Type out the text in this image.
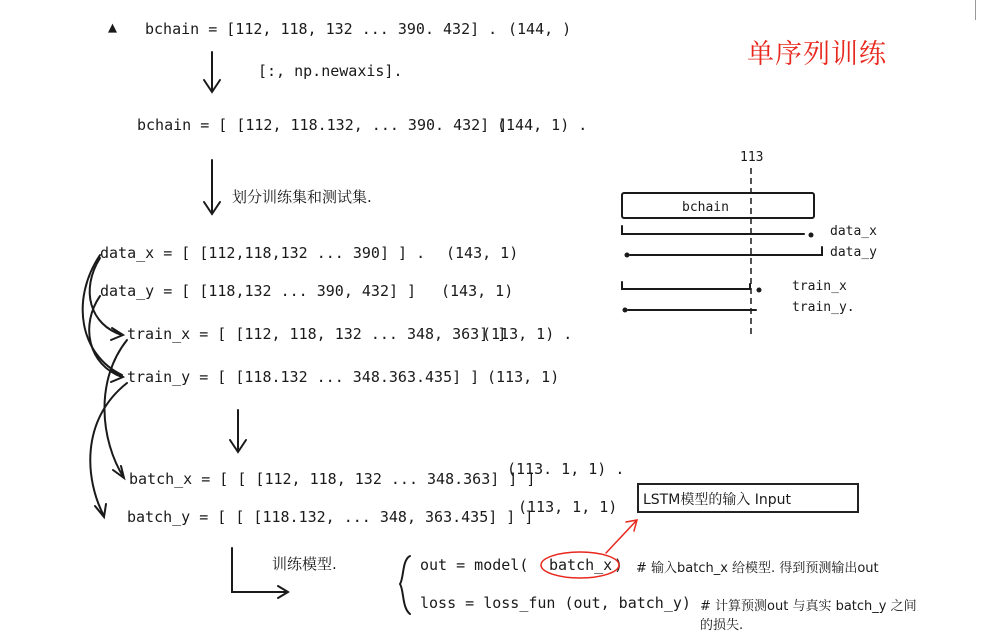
单序列训练
▲ bchain = [112, 118, 132 ... 390. 432] . (144, )
[:, np.newaxis].
bchain = [ [112, 118.132, ... 390. 432] ]
(144, 1) .
划分训练集和测试集.
data_x = [ [112,118,132 ... 390] ] . (143, 1)
data_y = [ [118,132 ... 390, 432] ] (143, 1)
train_x = [ [112, 118, 132 ... 348, 363] ]
(113, 1) .
train_y = [ [118.132 ... 348.363.435] ] (113, 1)
batch_x = [ [ [112, 118, 132 ... 348.363] ] ]
(113. 1, 1) .
batch_y = [ [ [118.132, ... 348, 363.435] ] ]
(113, 1, 1) LSTM模型的输入 Input
训练模型.	out = model( batch_x ) # 输入batch_x 给模型. 得到预测输出out
loss = loss_fun (out, batch_y) # 计算预测out 与真实 batch_y 之间
的损失.
113
bchain
data_x
data_y
train_x
train_y.
